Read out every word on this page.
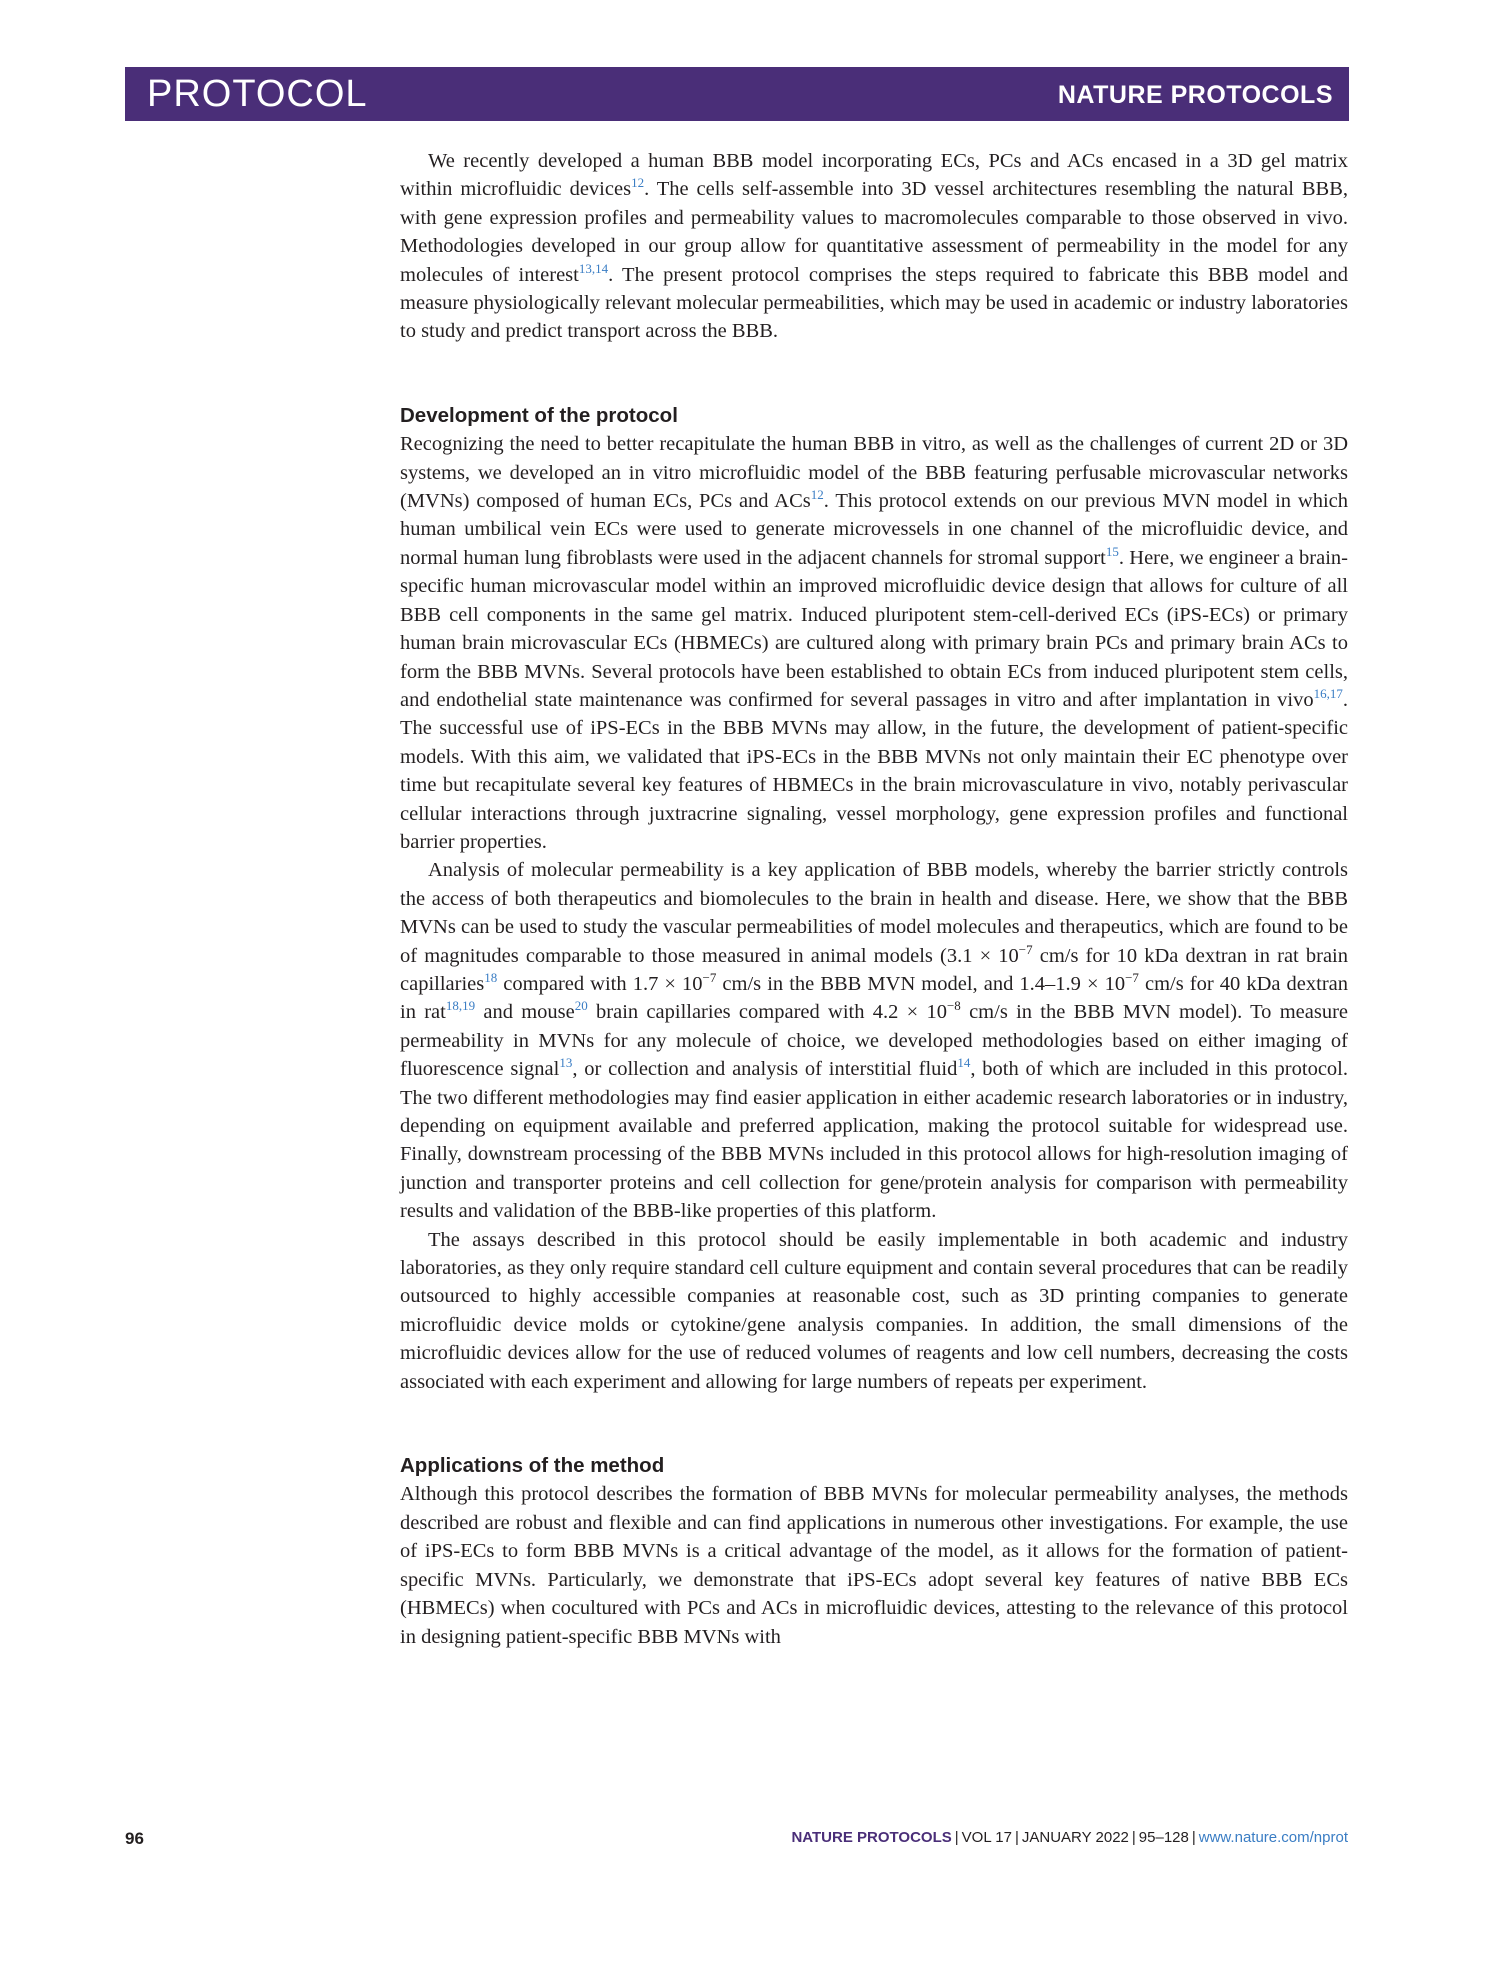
PROTOCOL	NATURE PROTOCOLS

We recently developed a human BBB model incorporating ECs, PCs and ACs encased in a 3D gel matrix within microfluidic devices$^{12}$. The cells self-assemble into 3D vessel architectures resembling the natural BBB, with gene expression profiles and permeability values to macromolecules comparable to those observed in vivo. Methodologies developed in our group allow for quantitative assessment of permeability in the model for any molecules of interest$^{13,14}$. The present protocol comprises the steps required to fabricate this BBB model and measure physiologically relevant molecular permeabilities, which may be used in academic or industry laboratories to study and predict transport across the BBB.

Development of the protocol

Recognizing the need to better recapitulate the human BBB in vitro, as well as the challenges of current 2D or 3D systems, we developed an in vitro microfluidic model of the BBB featuring perfusable microvascular networks (MVNs) composed of human ECs, PCs and ACs$^{12}$. This protocol extends on our previous MVN model in which human umbilical vein ECs were used to generate microvessels in one channel of the microfluidic device, and normal human lung fibroblasts were used in the adjacent channels for stromal support$^{15}$. Here, we engineer a brain-specific human microvascular model within an improved microfluidic device design that allows for culture of all BBB cell components in the same gel matrix. Induced pluripotent stem-cell-derived ECs (iPS-ECs) or primary human brain microvascular ECs (HBMECs) are cultured along with primary brain PCs and primary brain ACs to form the BBB MVNs. Several protocols have been established to obtain ECs from induced pluripotent stem cells, and endothelial state maintenance was confirmed for several passages in vitro and after implantation in vivo$^{16,17}$. The successful use of iPS-ECs in the BBB MVNs may allow, in the future, the development of patient-specific models. With this aim, we validated that iPS-ECs in the BBB MVNs not only maintain their EC phenotype over time but recapitulate several key features of HBMECs in the brain microvasculature in vivo, notably perivascular cellular interactions through juxtracrine signaling, vessel morphology, gene expression profiles and functional barrier properties.

Analysis of molecular permeability is a key application of BBB models, whereby the barrier strictly controls the access of both therapeutics and biomolecules to the brain in health and disease. Here, we show that the BBB MVNs can be used to study the vascular permeabilities of model molecules and therapeutics, which are found to be of magnitudes comparable to those measured in animal models ($3.1 \times 10^{-7}$ cm/s for 10 kDa dextran in rat brain capillaries$^{18}$ compared with $1.7 \times 10^{-7}$ cm/s in the BBB MVN model, and $1.4-1.9 \times 10^{-7}$ cm/s for 40 kDa dextran in rat$^{18,19}$ and mouse$^{20}$ brain capillaries compared with $4.2 \times 10^{-8}$ cm/s in the BBB MVN model). To measure permeability in MVNs for any molecule of choice, we developed methodologies based on either imaging of fluorescence signal$^{13}$, or collection and analysis of interstitial fluid$^{14}$, both of which are included in this protocol. The two different methodologies may find easier application in either academic research laboratories or in industry, depending on equipment available and preferred application, making the protocol suitable for widespread use. Finally, downstream processing of the BBB MVNs included in this protocol allows for high-resolution imaging of junction and transporter proteins and cell collection for gene/protein analysis for comparison with permeability results and validation of the BBB-like properties of this platform.

The assays described in this protocol should be easily implementable in both academic and industry laboratories, as they only require standard cell culture equipment and contain several procedures that can be readily outsourced to highly accessible companies at reasonable cost, such as 3D printing companies to generate microfluidic device molds or cytokine/gene analysis companies. In addition, the small dimensions of the microfluidic devices allow for the use of reduced volumes of reagents and low cell numbers, decreasing the costs associated with each experiment and allowing for large numbers of repeats per experiment.

Applications of the method

Although this protocol describes the formation of BBB MVNs for molecular permeability analyses, the methods described are robust and flexible and can find applications in numerous other investigations. For example, the use of iPS-ECs to form BBB MVNs is a critical advantage of the model, as it allows for the formation of patient-specific MVNs. Particularly, we demonstrate that iPS-ECs adopt several key features of native BBB ECs (HBMECs) when cocultured with PCs and ACs in microfluidic devices, attesting to the relevance of this protocol in designing patient-specific BBB MVNs with

96	NATURE PROTOCOLS | VOL 17 | JANUARY 2022 | 95–128 | www.nature.com/nprot
